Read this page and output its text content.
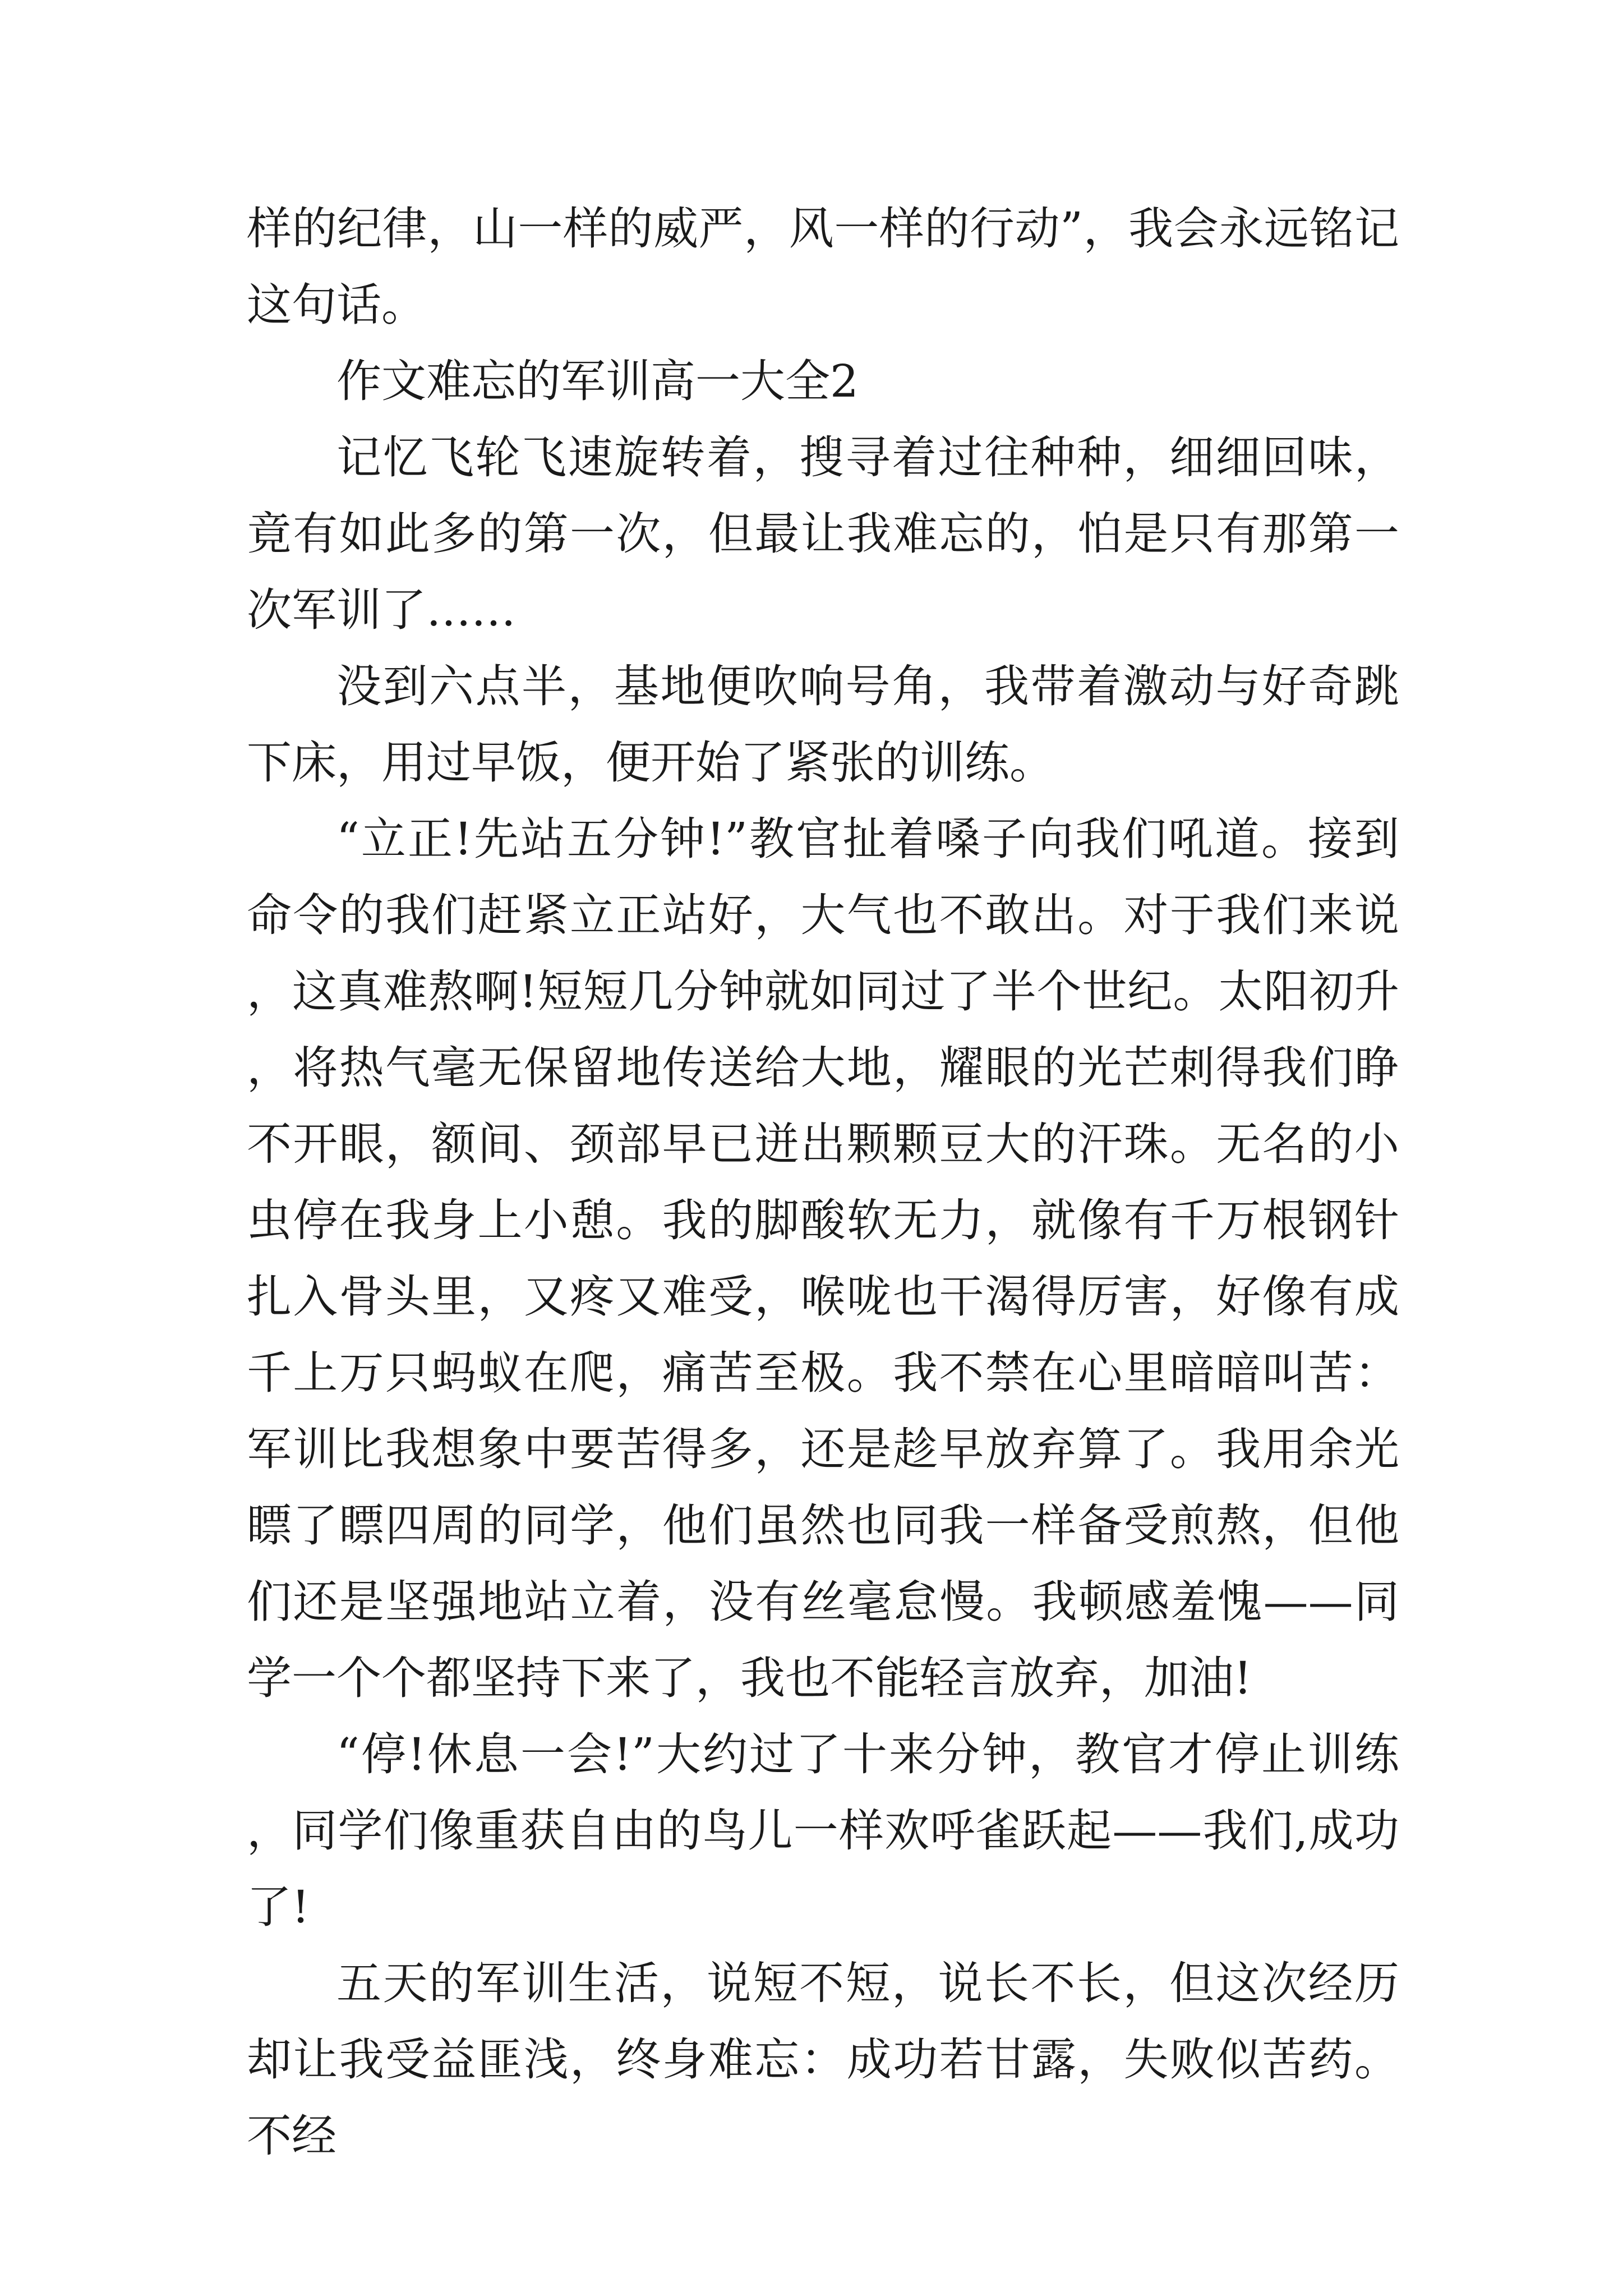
样的纪律，山一样的威严，风一样的行动”，我会永远铭记这句话。

作文难忘的军训高一大全2

记忆飞轮飞速旋转着，搜寻着过往种种，细细回味，竟有如此多的第一次，但最让我难忘的，怕是只有那第一次军训了……

没到六点半，基地便吹响号角，我带着激动与好奇跳下床，用过早饭，便开始了紧张的训练。

“立正!先站五分钟!”教官扯着嗓子向我们吼道。接到命令的我们赶紧立正站好，大气也不敢出。对于我们来说，这真难熬啊!短短几分钟就如同过了半个世纪。太阳初升，将热气毫无保留地传送给大地，耀眼的光芒刺得我们睁不开眼，额间、颈部早已迸出颗颗豆大的汗珠。无名的小虫停在我身上小憩。我的脚酸软无力，就像有千万根钢针扎入骨头里，又疼又难受，喉咙也干渴得厉害，好像有成千上万只蚂蚁在爬，痛苦至极。我不禁在心里暗暗叫苦：军训比我想象中要苦得多，还是趁早放弃算了。我用余光瞟了瞟四周的同学，他们虽然也同我一样备受煎熬，但他们还是坚强地站立着，没有丝毫怠慢。我顿感羞愧——同学一个个都坚持下来了，我也不能轻言放弃，加油!

“停!休息一会!”大约过了十来分钟，教官才停止训练，同学们像重获自由的鸟儿一样欢呼雀跃起——我们,成功了!

五天的军训生活，说短不短，说长不长，但这次经历却让我受益匪浅，终身难忘：成功若甘露，失败似苦药。不经
